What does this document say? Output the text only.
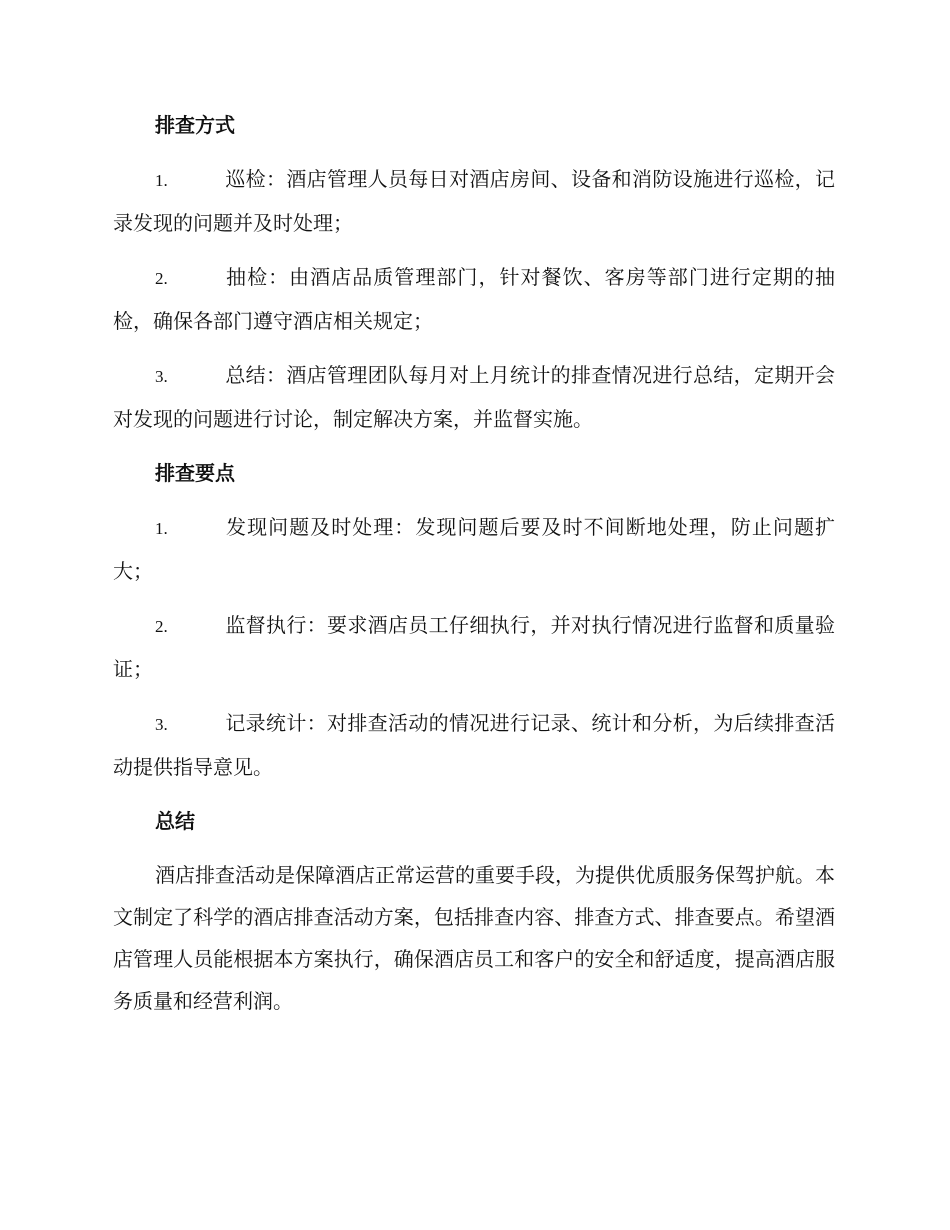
排查方式

1.	巡检：酒店管理人员每日对酒店房间、设备和消防设施进行巡检，记录发现的问题并及时处理；

2.	抽检：由酒店品质管理部门，针对餐饮、客房等部门进行定期的抽检，确保各部门遵守酒店相关规定；

3.	总结：酒店管理团队每月对上月统计的排查情况进行总结，定期开会对发现的问题进行讨论，制定解决方案，并监督实施。

排查要点

1.	发现问题及时处理：发现问题后要及时不间断地处理，防止问题扩大；

2.	监督执行：要求酒店员工仔细执行，并对执行情况进行监督和质量验证；

3.	记录统计：对排查活动的情况进行记录、统计和分析，为后续排查活动提供指导意见。

总结

酒店排查活动是保障酒店正常运营的重要手段，为提供优质服务保驾护航。本文制定了科学的酒店排查活动方案，包括排查内容、排查方式、排查要点。希望酒店管理人员能根据本方案执行，确保酒店员工和客户的安全和舒适度，提高酒店服务质量和经营利润。
